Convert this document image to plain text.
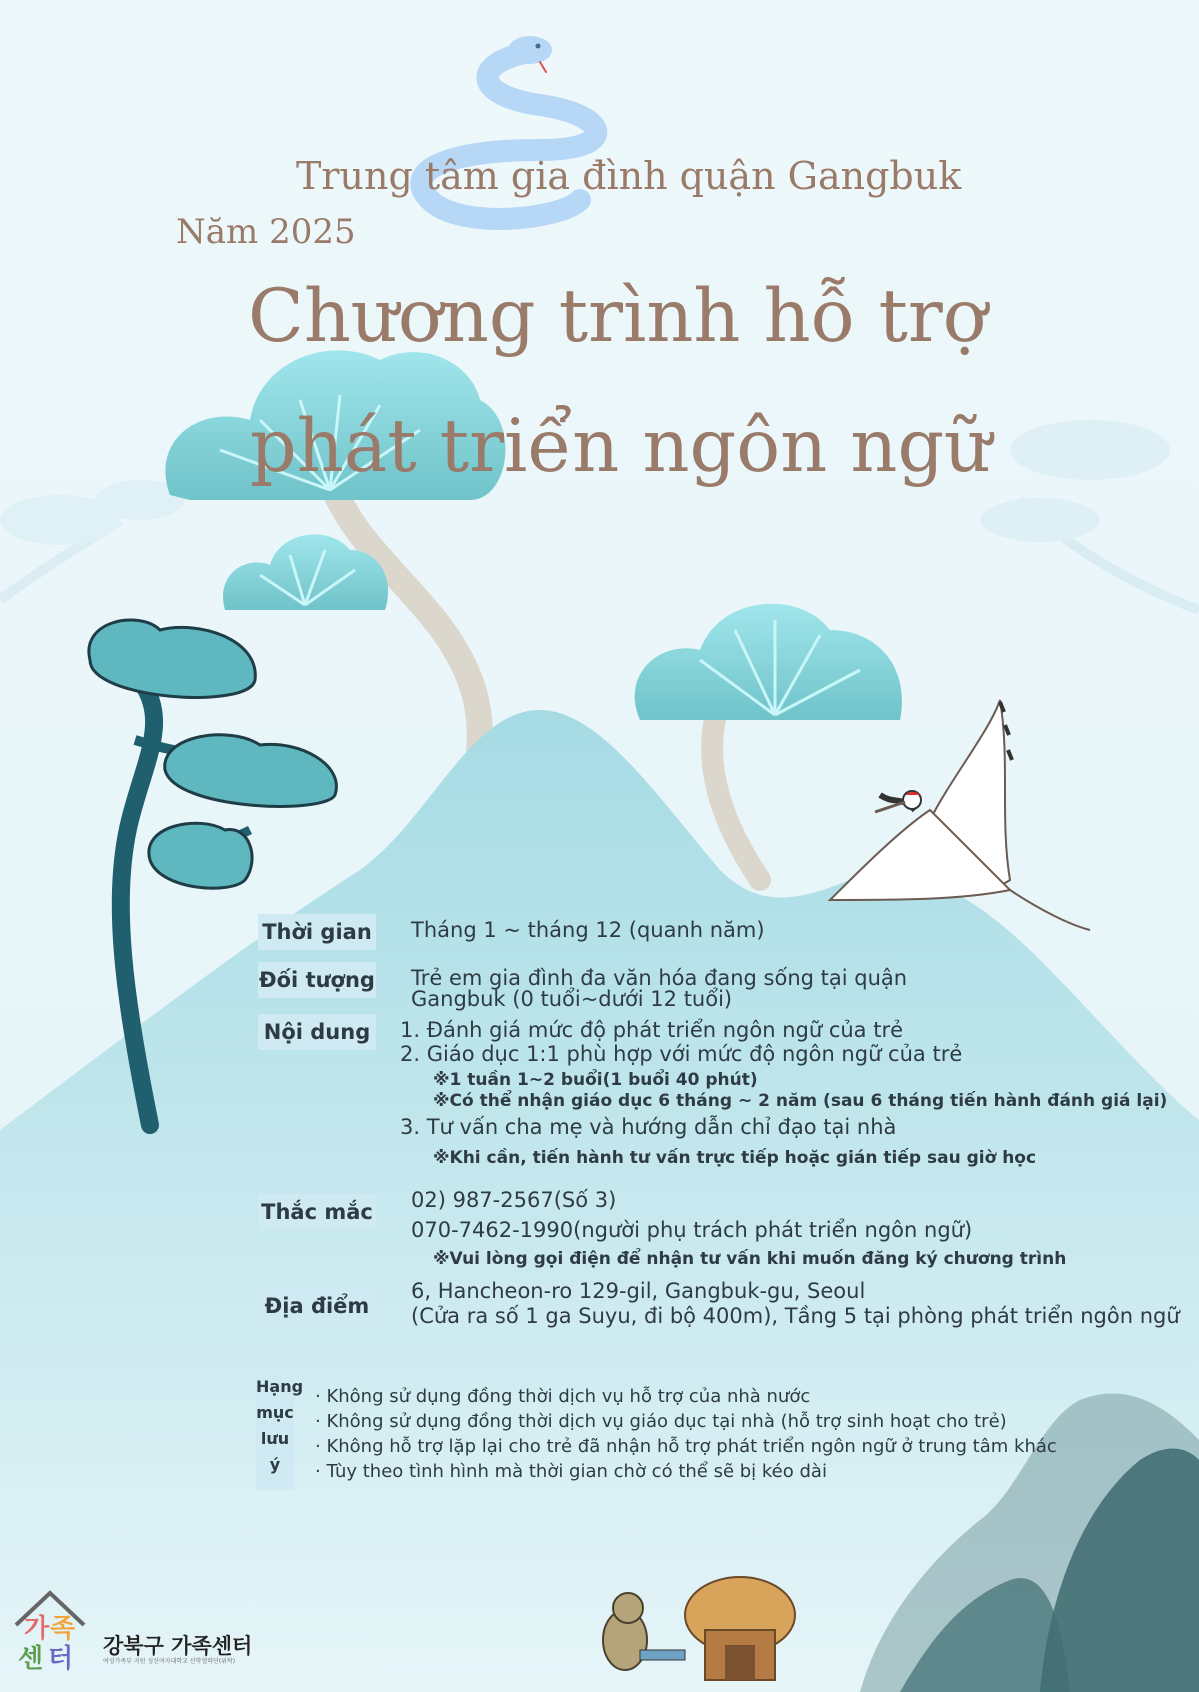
가 족
센 터
Trung tâm gia đình quận Gangbuk
Năm 2025
Chương trình hỗ trợ
phát triển ngôn ngữ
Thời gian Tháng 1 ~ tháng 12 (quanh năm)
Đối tượng Trẻ em gia đình đa văn hóa đang sống tại quận
Gangbuk (0 tuổi~dưới 12 tuổi)
Nội dung 1. Đánh giá mức độ phát triển ngôn ngữ của trẻ
2. Giáo dục 1:1 phù hợp với mức độ ngôn ngữ của trẻ
※1 tuần 1~2 buổi(1 buổi 40 phút)
※Có thể nhận giáo dục 6 tháng ~ 2 năm (sau 6 tháng tiến hành đánh giá lại)
3. Tư vấn cha mẹ và hướng dẫn chỉ đạo tại nhà
※Khi cần, tiến hành tư vấn trực tiếp hoặc gián tiếp sau giờ học
Thắc mắc 02) 987-2567(Số 3)
070-7462-1990(người phụ trách phát triển ngôn ngữ)
※Vui lòng gọi điện để nhận tư vấn khi muốn đăng ký chương trình
Địa điểm
6, Hancheon-ro 129-gil, Gangbuk-gu, Seoul
(Cửa ra số 1 ga Suyu, đi bộ 400m), Tầng 5 tại phòng phát triển ngôn ngữ
Hạng
mục
lưu
ý
· Không sử dụng đồng thời dịch vụ hỗ trợ của nhà nước
· Không sử dụng đồng thời dịch vụ giáo dục tại nhà (hỗ trợ sinh hoạt cho trẻ)
· Không hỗ trợ lặp lại cho trẻ đã nhận hỗ trợ phát triển ngôn ngữ ở trung tâm khác
· Tùy theo tình hình mà thời gian chờ có thể sẽ bị kéo dài
강북구 가족센터
여성가족부 지원 성신여자대학교 산학협력단(위탁)
